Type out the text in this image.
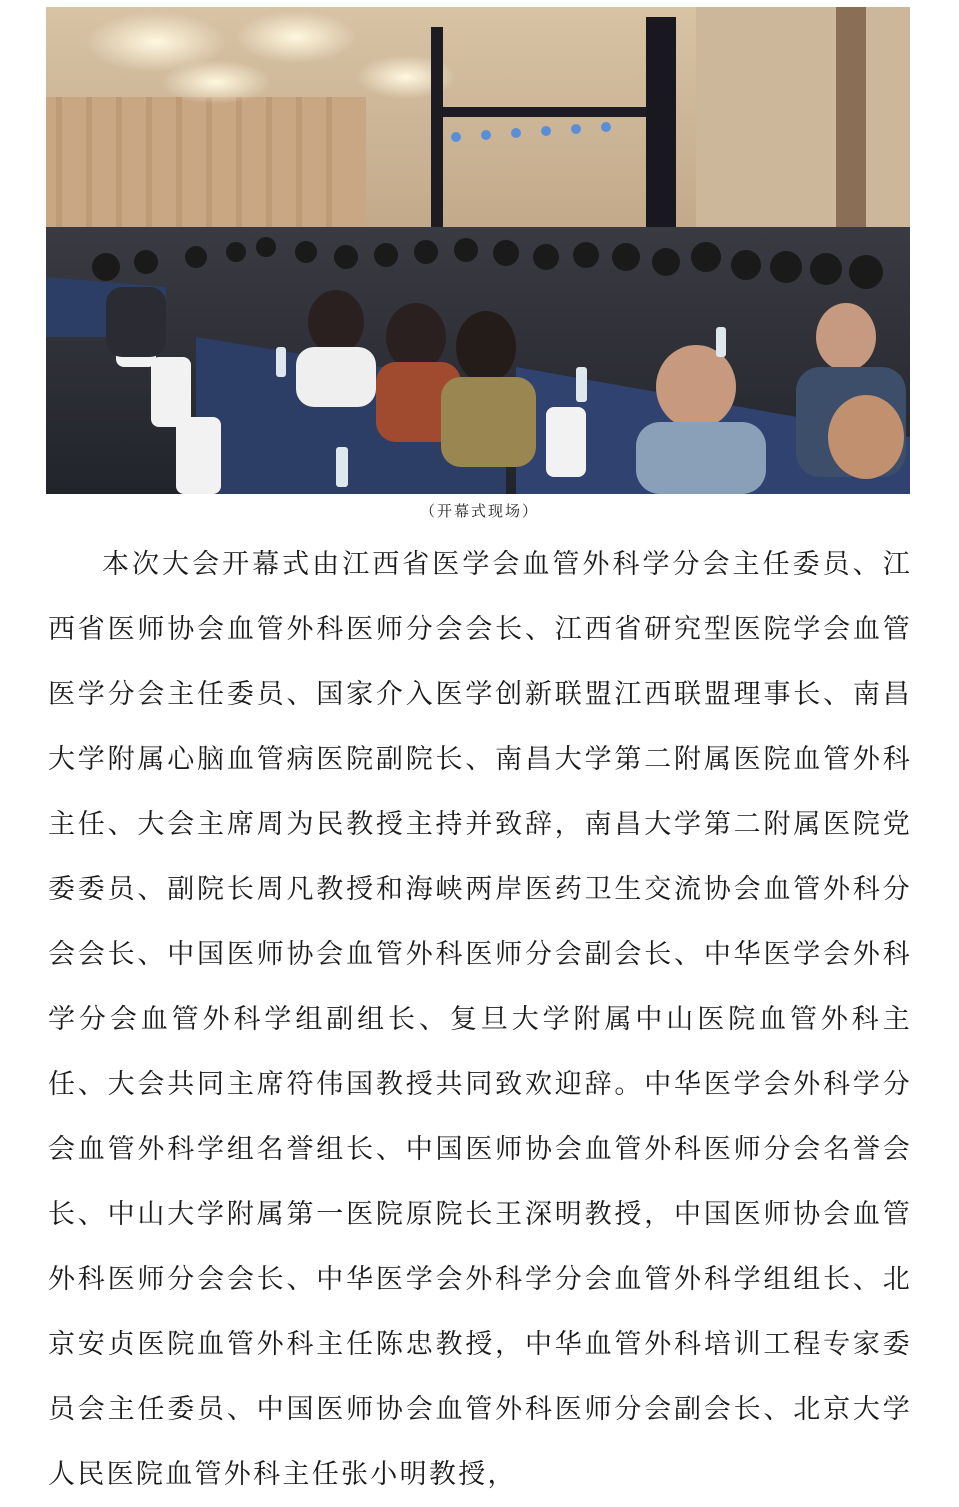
（开幕式现场）

本次大会开幕式由江西省医学会血管外科学分会主任委员、江西省医师协会血管外科医师分会会长、江西省研究型医院学会血管医学分会主任委员、国家介入医学创新联盟江西联盟理事长、南昌大学附属心脑血管病医院副院长、南昌大学第二附属医院血管外科主任、大会主席周为民教授主持并致辞，南昌大学第二附属医院党委委员、副院长周凡教授和海峡两岸医药卫生交流协会血管外科分会会长、中国医师协会血管外科医师分会副会长、中华医学会外科学分会血管外科学组副组长、复旦大学附属中山医院血管外科主任、大会共同主席符伟国教授共同致欢迎辞。中华医学会外科学分会血管外科学组名誉组长、中国医师协会血管外科医师分会名誉会长、中山大学附属第一医院原院长王深明教授，中国医师协会血管外科医师分会会长、中华医学会外科学分会血管外科学组组长、北京安贞医院血管外科主任陈忠教授，中华血管外科培训工程专家委员会主任委员、中国医师协会血管外科医师分会副会长、北京大学人民医院血管外科主任张小明教授，
